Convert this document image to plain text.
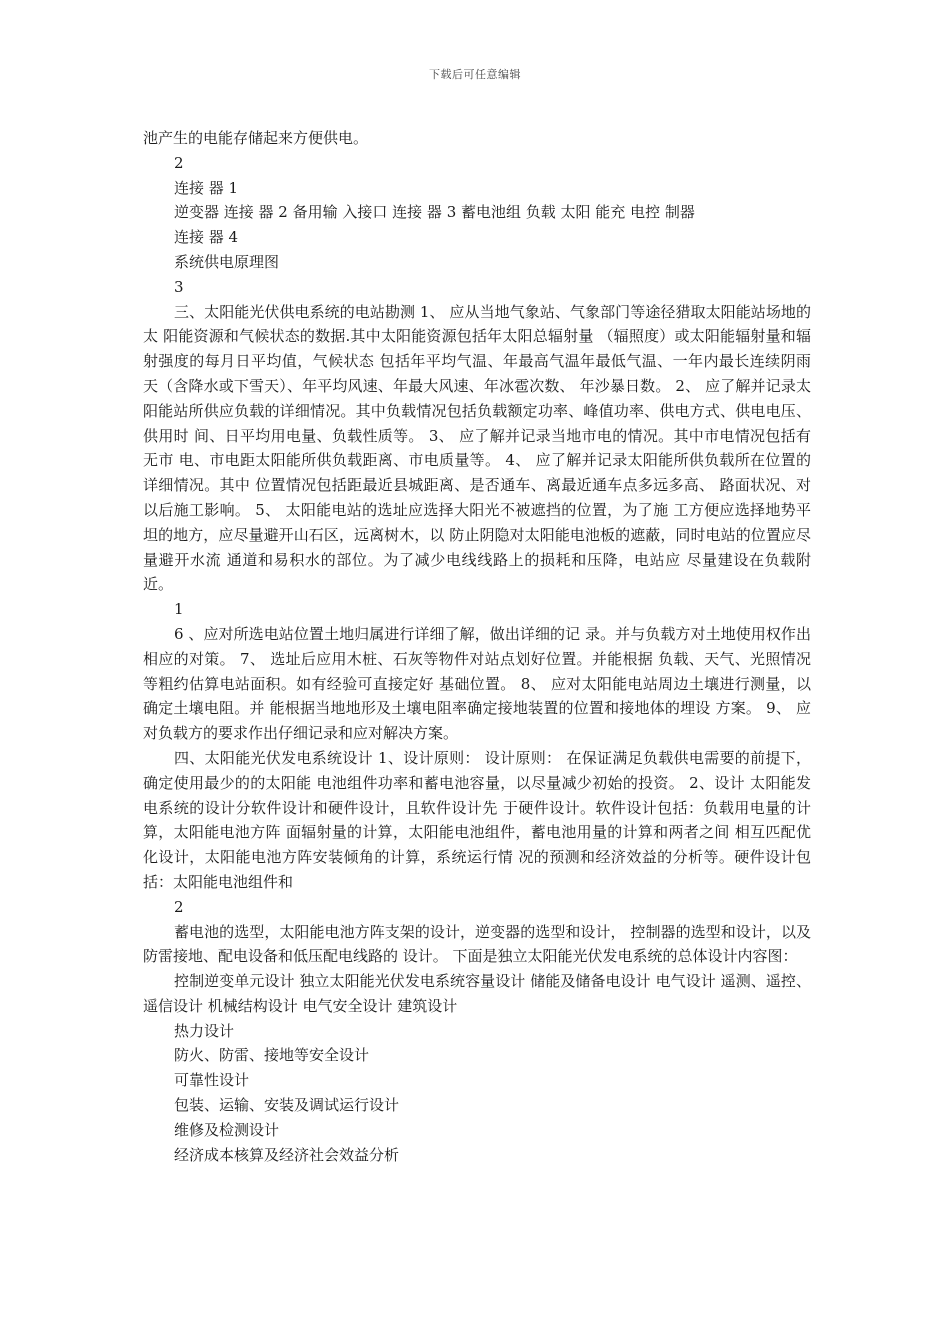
下载后可任意编辑

池产生的电能存储起来方便供电。

2

连接 器 1

逆变器 连接 器 2 备用输 入接口 连接 器 3 蓄电池组 负载 太阳 能充 电控 制器

连接 器 4

系统供电原理图

3

三、太阳能光伏供电系统的电站勘测 1、 应从当地气象站、气象部门等途径猎取太阳能站场地的太 阳能资源和气候状态的数据.其中太阳能资源包括年太阳总辐射量 （辐照度）或太阳能辐射量和辐射强度的每月日平均值，气候状态 包括年平均气温、年最高气温年最低气温、一年内最长连续阴雨 天（含降水或下雪天）、年平均风速、年最大风速、年冰雹次数、 年沙暴日数。 2、 应了解并记录太阳能站所供应负载的详细情况。其中负载情况包括负载额定功率、峰值功率、供电方式、供电电压、供用时 间、日平均用电量、负载性质等。 3、 应了解并记录当地市电的情况。其中市电情况包括有无市 电、市电距太阳能所供负载距离、市电质量等。 4、 应了解并记录太阳能所供负载所在位置的详细情况。其中 位置情况包括距最近县城距离、是否通车、离最近通车点多远多高、 路面状况、对以后施工影响。 5、 太阳能电站的选址应选择大阳光不被遮挡的位置，为了施 工方便应选择地势平坦的地方，应尽量避开山石区，远离树木，以 防止阴隐对太阳能电池板的遮蔽，同时电站的位置应尽量避开水流 通道和易积水的部位。为了减少电线线路上的损耗和压降，电站应 尽量建设在负载附近。

1

6 、应对所选电站位置土地归属进行详细了解，做出详细的记 录。并与负载方对土地使用权作出相应的对策。 7、 选址后应用木桩、石灰等物件对站点划好位置。并能根据 负载、天气、光照情况等粗约估算电站面积。如有经验可直接定好 基础位置。 8、 应对太阳能电站周边土壤进行测量，以确定土壤电阻。并 能根据当地地形及土壤电阻率确定接地装置的位置和接地体的埋设 方案。 9、 应对负载方的要求作出仔细记录和应对解决方案。

四、太阳能光伏发电系统设计 1、设计原则： 设计原则： 在保证满足负载供电需要的前提下，确定使用最少的的太阳能 电池组件功率和蓄电池容量，以尽量减少初始的投资。 2、设计 太阳能发电系统的设计分软件设计和硬件设计，且软件设计先 于硬件设计。软件设计包括：负载用电量的计算，太阳能电池方阵 面辐射量的计算，太阳能电池组件，蓄电池用量的计算和两者之间 相互匹配优化设计，太阳能电池方阵安装倾角的计算，系统运行情 况的预测和经济效益的分析等。硬件设计包括：太阳能电池组件和

2

蓄电池的选型，太阳能电池方阵支架的设计，逆变器的选型和设计， 控制器的选型和设计，以及防雷接地、配电设备和低压配电线路的 设计。 下面是独立太阳能光伏发电系统的总体设计内容图：

控制逆变单元设计 独立太阳能光伏发电系统容量设计 储能及储备电设计 电气设计 遥测、遥控、遥信设计 机械结构设计 电气安全设计 建筑设计

热力设计

防火、防雷、接地等安全设计

可靠性设计

包装、运输、安装及调试运行设计

维修及检测设计

经济成本核算及经济社会效益分析
